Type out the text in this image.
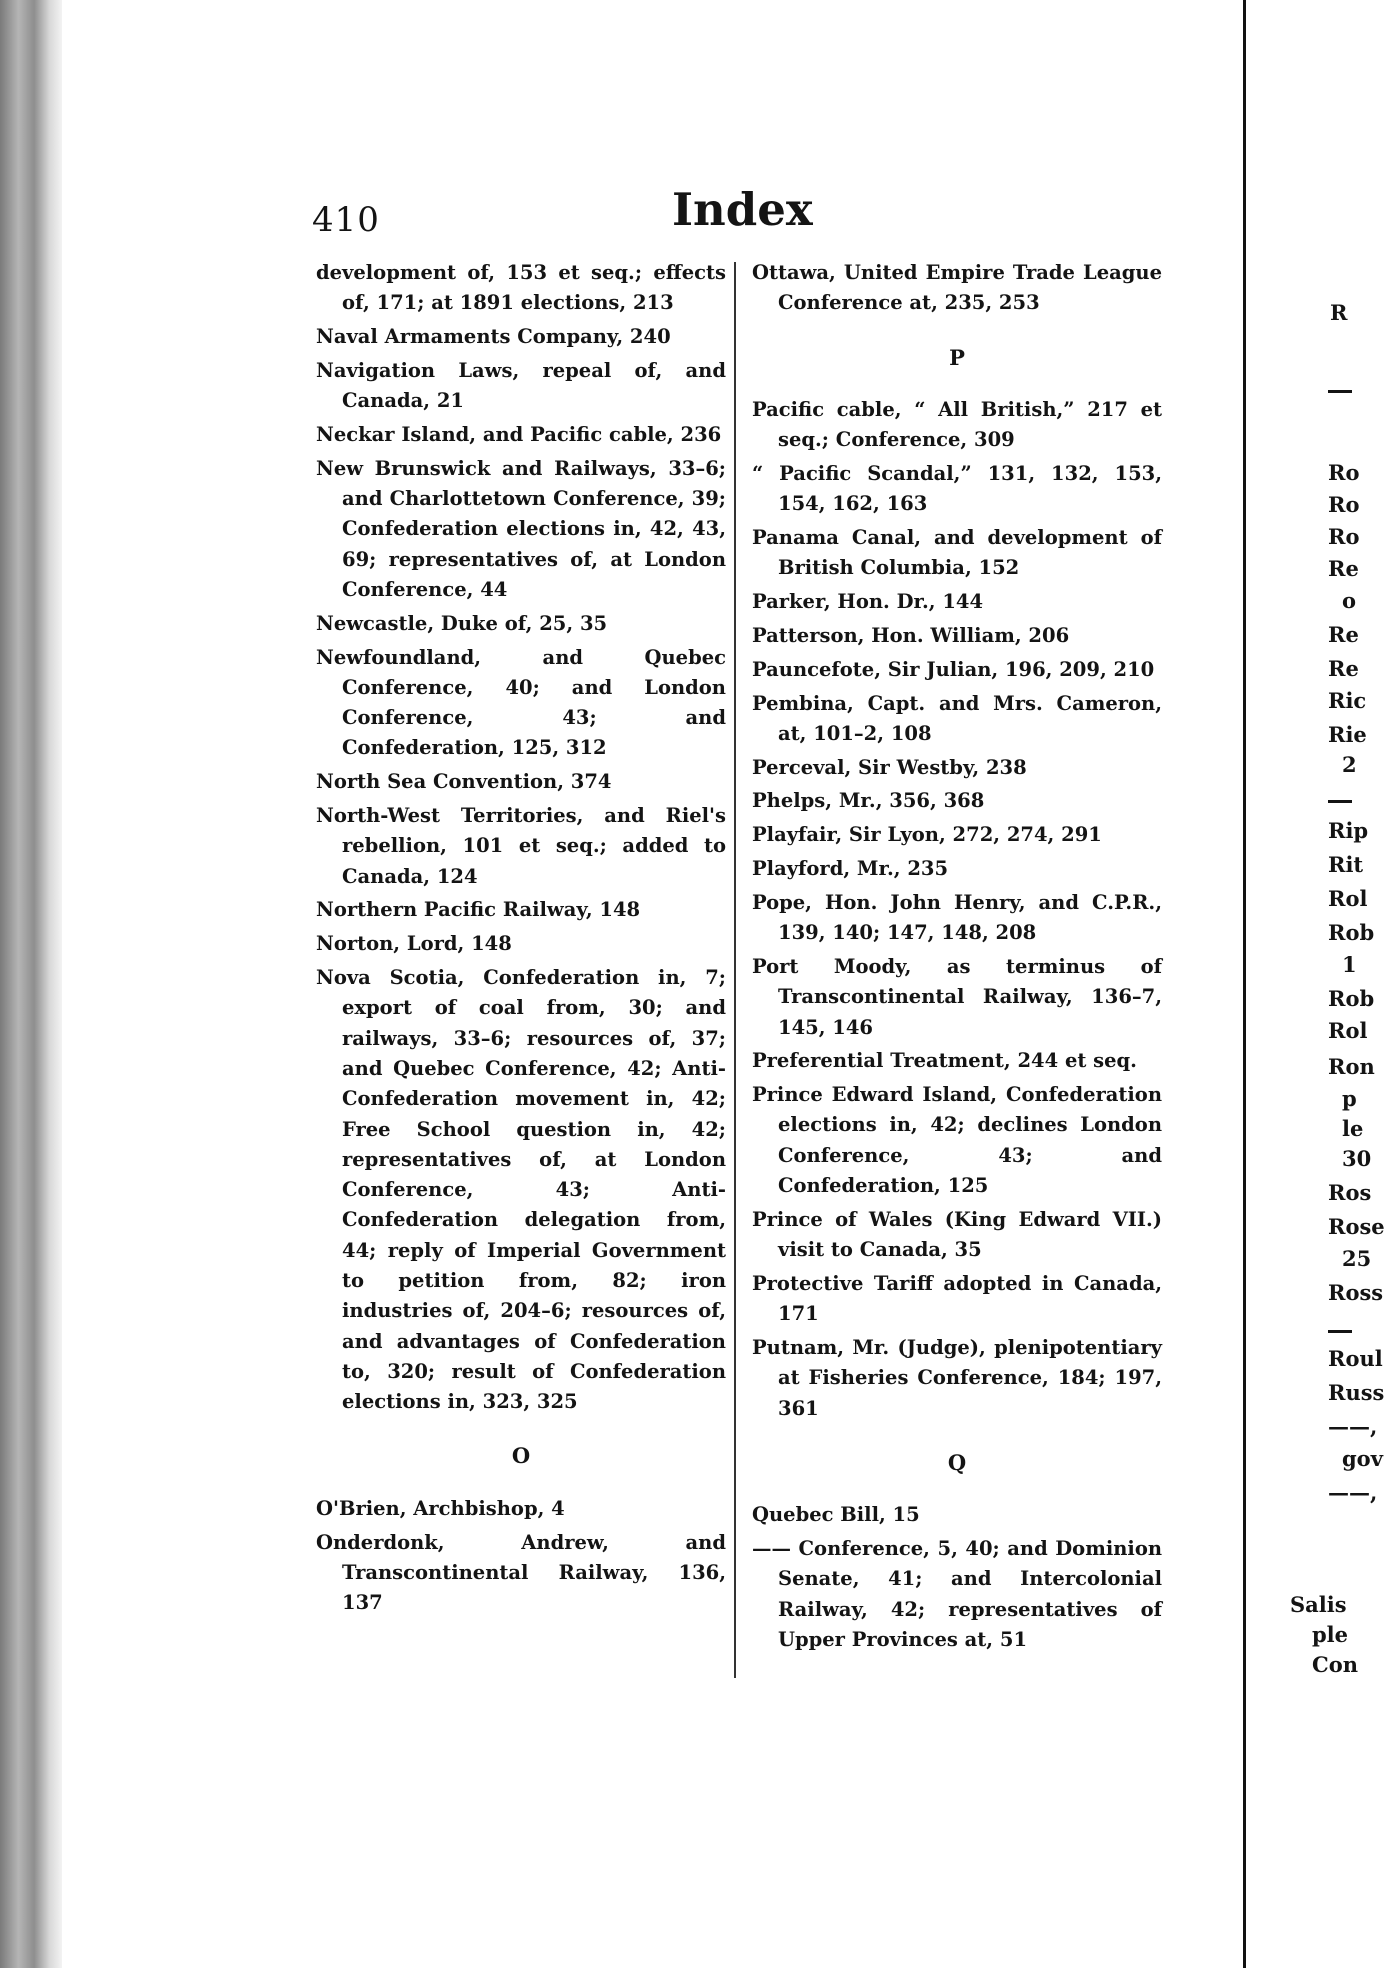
410	Index

development of, 153 et seq.; effects of, 171; at 1891 elections, 213

Naval Armaments Company, 240

Navigation Laws, repeal of, and Canada, 21

Neckar Island, and Pacific cable, 236

New Brunswick and Railways, 33–6; and Charlottetown Conference, 39; Confederation elections in, 42, 43, 69; representatives of, at London Conference, 44

Newcastle, Duke of, 25, 35

Newfoundland, and Quebec Conference, 40; and London Conference, 43; and Confederation, 125, 312

North Sea Convention, 374

North-West Territories, and Riel's rebellion, 101 et seq.; added to Canada, 124

Northern Pacific Railway, 148

Norton, Lord, 148

Nova Scotia, Confederation in, 7; export of coal from, 30; and railways, 33–6; resources of, 37; and Quebec Conference, 42; Anti-Confederation movement in, 42; Free School question in, 42; representatives of, at London Conference, 43; Anti-Confederation delegation from, 44; reply of Imperial Government to petition from, 82; iron industries of, 204–6; resources of, and advantages of Confederation to, 320; result of Confederation elections in, 323, 325

O

O'Brien, Archbishop, 4

Onderdonk, Andrew, and Transcontinental Railway, 136, 137

Ottawa, United Empire Trade League Conference at, 235, 253

P

Pacific cable, “ All British,” 217 et seq.; Conference, 309

“ Pacific Scandal,” 131, 132, 153, 154, 162, 163

Panama Canal, and development of British Columbia, 152

Parker, Hon. Dr., 144

Patterson, Hon. William, 206

Pauncefote, Sir Julian, 196, 209, 210

Pembina, Capt. and Mrs. Cameron, at, 101–2, 108

Perceval, Sir Westby, 238

Phelps, Mr., 356, 368

Playfair, Sir Lyon, 272, 274, 291

Playford, Mr., 235

Pope, Hon. John Henry, and C.P.R., 139, 140; 147, 148, 208

Port Moody, as terminus of Transcontinental Railway, 136–7, 145, 146

Preferential Treatment, 244 et seq.

Prince Edward Island, Confederation elections in, 42; declines London Conference, 43; and Confederation, 125

Prince of Wales (King Edward VII.) visit to Canada, 35

Protective Tariff adopted in Canada, 171

Putnam, Mr. (Judge), plenipotentiary at Fisheries Conference, 184; 197, 361

Q

Quebec Bill, 15

—— Conference, 5, 40; and Dominion Senate, 41; and Intercolonial Railway, 42; representatives of Upper Provinces at, 51

R
Ro
Ro
Ro
Re
o
Re
Re
Ric
Rie
2
Rip
Rit
Rol
Rob
1
Rob
Rol
Ron
p
le
30
Ros
Rose
25
Ross
Roul
Russ
——,
gov
——,
Salis
ple
Con
